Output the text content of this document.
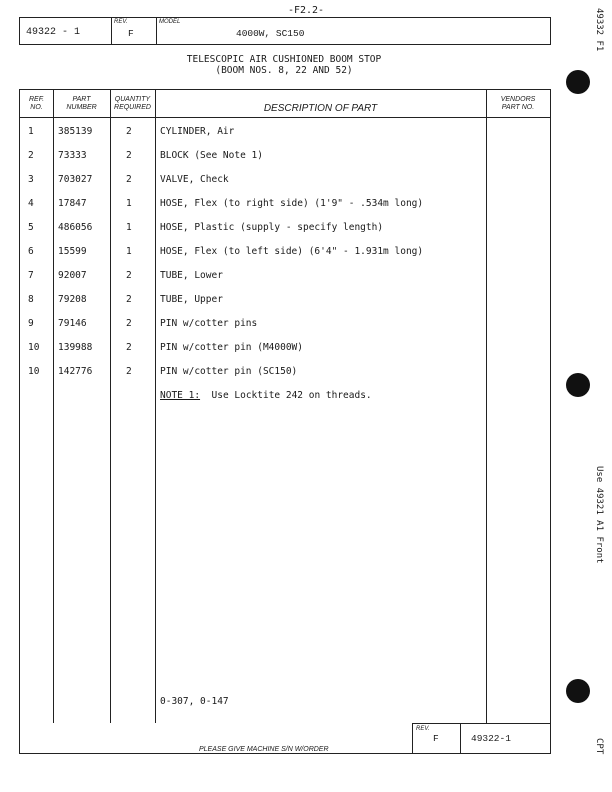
-F2.2-
49322 - 1
REV.
F
MODEL
4000W, SC150
TELESCOPIC AIR CUSHIONED BOOM STOP
(BOOM NOS. 8, 22 AND 52)
REF.
NO.
PART
NUMBER
QUANTITY
REQUIRED	DESCRIPTION OF PART
VENDORS
PART NO.
1	385139	2	CYLINDER, Air
2	73333	2	BLOCK (See Note 1)
3	703027	2	VALVE, Check
4	17847	1	HOSE, Flex (to right side) (1'9" - .534m long)
5	486056	1	HOSE, Plastic (supply - specify length)
6	15599	1	HOSE, Flex (to left side) (6'4" - 1.931m long)
7	92007	2	TUBE, Lower
8	79208	2	TUBE, Upper
9	79146	2	PIN w/cotter pins
10 139988	2	PIN w/cotter pin (M4000W)
10 142776	2	PIN w/cotter pin (SC150)
NOTE 1: Use Locktite 242 on threads.
0-307, 0-147
REV.
F	49322-1
PLEASE GIVE MACHINE S/N W/ORDER
49332 F1
Use 49321 A1 Front
CPT
